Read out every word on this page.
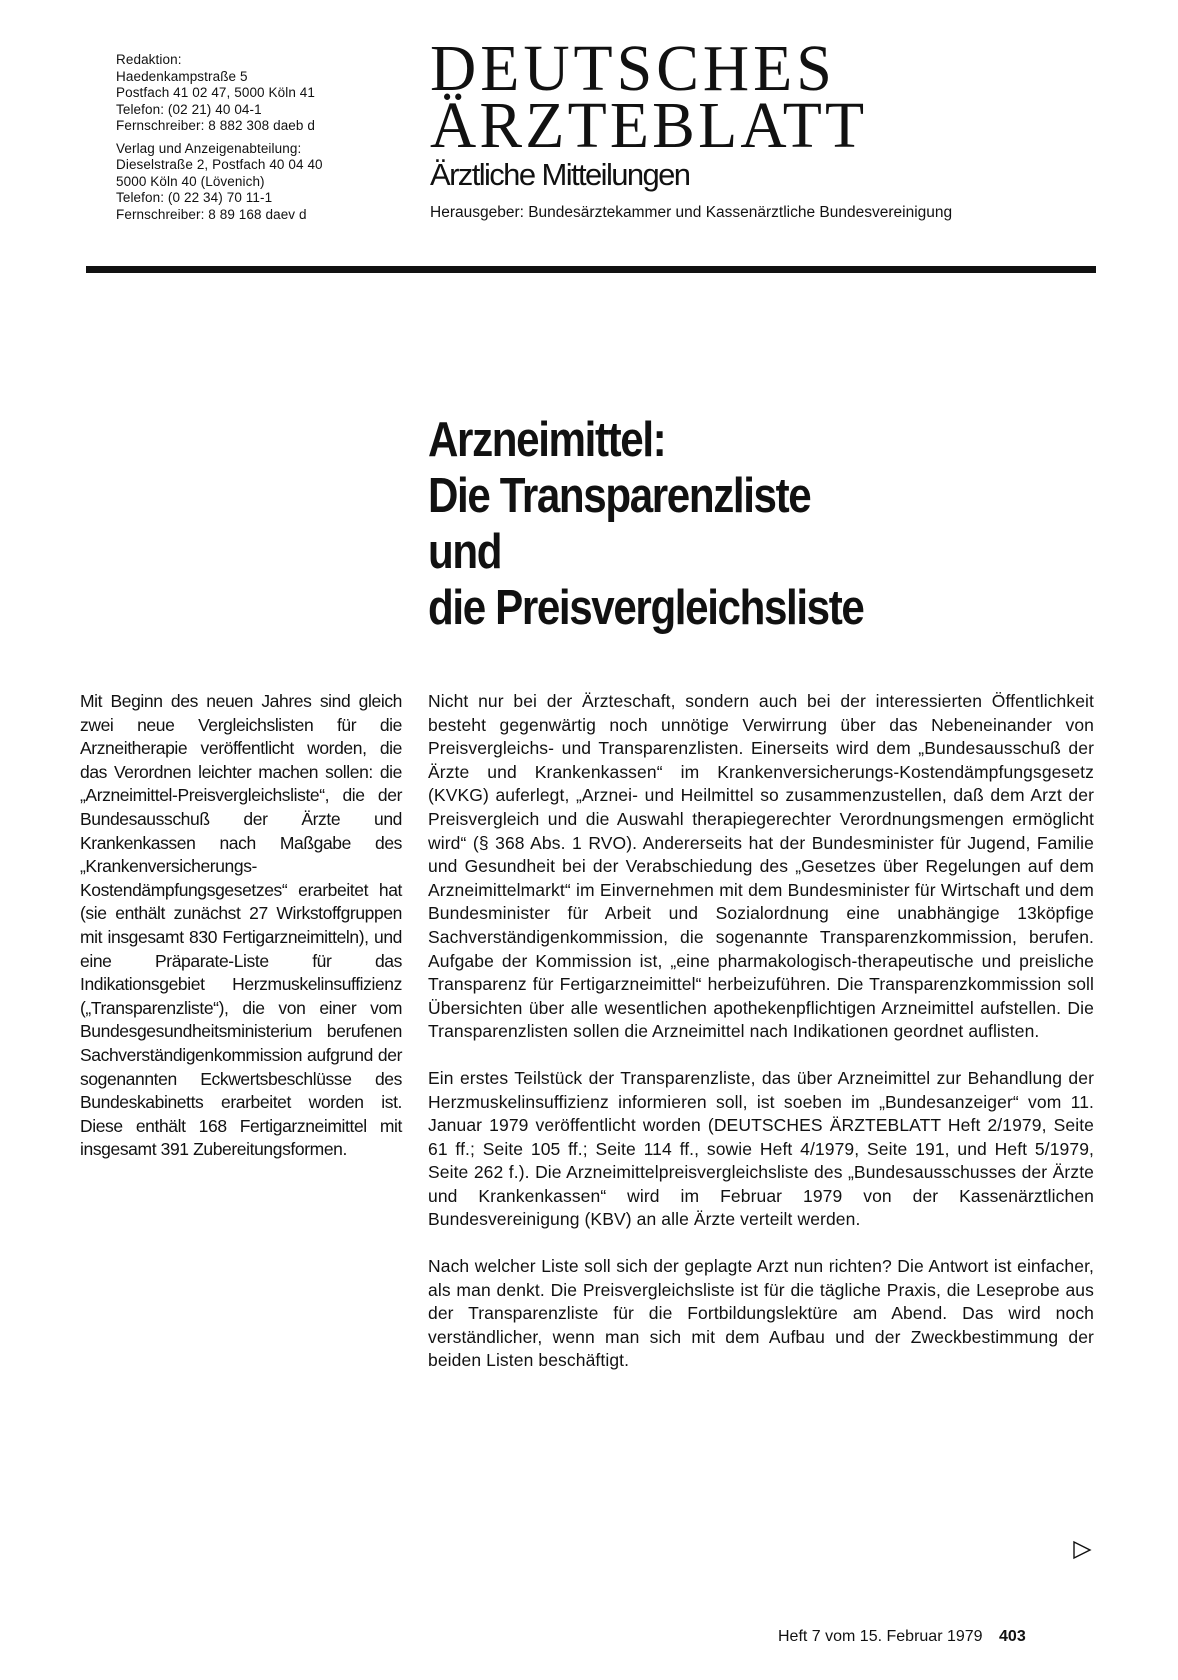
Redaktion:
Haedenkampstraße 5
Postfach 41 02 47, 5000 Köln 41
Telefon: (02 21) 40 04-1
Fernschreiber: 8 882 308 daeb d
Verlag und Anzeigenabteilung:
Dieselstraße 2, Postfach 40 04 40
5000 Köln 40 (Lövenich)
Telefon: (0 22 34) 70 11-1
Fernschreiber: 8 89 168 daev d
DEUTSCHES
ÄRZTEBLATT
Ärztliche Mitteilungen
Herausgeber: Bundesärztekammer und Kassenärztliche Bundesvereinigung
Arzneimittel:
Die Transparenzliste
und
die Preisvergleichsliste
Mit Beginn des neuen Jahres sind gleich zwei neue Vergleichslisten für die Arzneitherapie veröffentlicht worden, die das Verordnen leichter machen sollen: die „Arzneimittel-Preisvergleichsliste“, die der Bundesausschuß der Ärzte und Krankenkassen nach Maßgabe des „Krankenversicherungs-Kostendämpfungsgesetzes“ erarbeitet hat (sie enthält zunächst 27 Wirkstoffgruppen mit insgesamt 830 Fertigarzneimitteln), und eine Präparate-Liste für das Indikationsgebiet Herzmuskelinsuffizienz („Transparenzliste“), die von einer vom Bundesgesundheitsministerium berufenen Sachverständigenkommission aufgrund der sogenannten Eckwertsbeschlüsse des Bundeskabinetts erarbeitet worden ist. Diese enthält 168 Fertigarzneimittel mit insgesamt 391 Zubereitungsformen.

Nicht nur bei der Ärzteschaft, sondern auch bei der interessierten Öffentlichkeit besteht gegenwärtig noch unnötige Verwirrung über das Nebeneinander von Preisvergleichs- und Transparenzlisten. Einerseits wird dem „Bundesausschuß der Ärzte und Krankenkassen“ im Krankenversicherungs-Kostendämpfungsgesetz (KVKG) auferlegt, „Arznei- und Heilmittel so zusammenzustellen, daß dem Arzt der Preisvergleich und die Auswahl therapiegerechter Verordnungsmengen ermöglicht wird“ (§ 368 Abs. 1 RVO). Andererseits hat der Bundesminister für Jugend, Familie und Gesundheit bei der Verabschiedung des „Gesetzes über Regelungen auf dem Arzneimittelmarkt“ im Einvernehmen mit dem Bundesminister für Wirtschaft und dem Bundesminister für Arbeit und Sozialordnung eine unabhängige 13köpfige Sachverständigenkommission, die sogenannte Transparenzkommission, berufen. Aufgabe der Kommission ist, „eine pharmakologisch-therapeutische und preisliche Transparenz für Fertigarzneimittel“ herbeizuführen. Die Transparenzkommission soll Übersichten über alle wesentlichen apothekenpflichtigen Arzneimittel aufstellen. Die Transparenzlisten sollen die Arzneimittel nach Indikationen geordnet auflisten.

Ein erstes Teilstück der Transparenzliste, das über Arzneimittel zur Behandlung der Herzmuskelinsuffizienz informieren soll, ist soeben im „Bundesanzeiger“ vom 11. Januar 1979 veröffentlicht worden (DEUTSCHES ÄRZTEBLATT Heft 2/1979, Seite 61 ff.; Seite 105 ff.; Seite 114 ff., sowie Heft 4/1979, Seite 191, und Heft 5/1979, Seite 262 f.). Die Arzneimittelpreisvergleichsliste des „Bundesausschusses der Ärzte und Krankenkassen“ wird im Februar 1979 von der Kassenärztlichen Bundesvereinigung (KBV) an alle Ärzte verteilt werden.

Nach welcher Liste soll sich der geplagte Arzt nun richten? Die Antwort ist einfacher, als man denkt. Die Preisvergleichsliste ist für die tägliche Praxis, die Leseprobe aus der Transparenzliste für die Fortbildungslektüre am Abend. Das wird noch verständlicher, wenn man sich mit dem Aufbau und der Zweckbestimmung der beiden Listen beschäftigt.

Heft 7 vom 15. Februar 1979 403
